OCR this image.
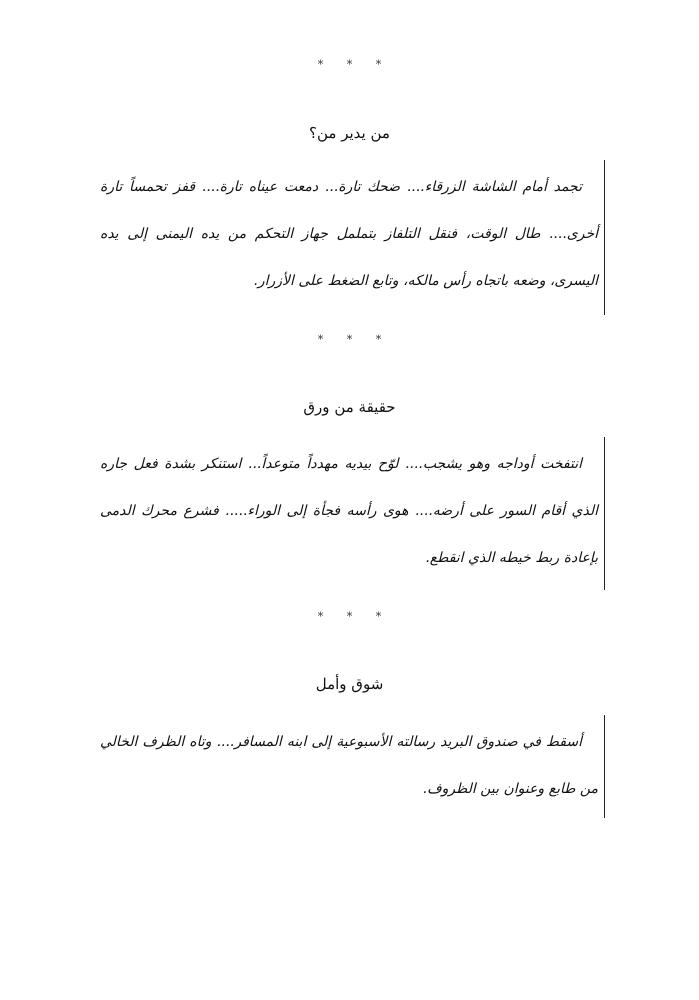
* * *
من يدير من؟

تجمد أمام الشاشة الزرقاء.... ضحك تارة... دمعت عيناه تارة.... قفز تحمساً تارة أخرى.... طال الوقت، فنقل التلفاز بتململ جهاز التحكم من يده اليمنى إلى يده اليسرى، وضعه باتجاه رأس مالكه، وتابع الضغط على الأزرار.

* * *
حقيقة من ورق

انتفخت أوداجه وهو يشجب.... لوّح بيديه مهدداً متوعداً... استنكر بشدة فعل جاره الذي أقام السور على أرضه.... هوى رأسه فجأة إلى الوراء..... فشرع محرك الدمى بإعادة ربط خيطه الذي انقطع.

* * *
شوق وأمل

أسقط في صندوق البريد رسالته الأسبوعية إلى ابنه المسافر.... وتاه الظرف الخالي من طابع وعنوان بين الظروف.
